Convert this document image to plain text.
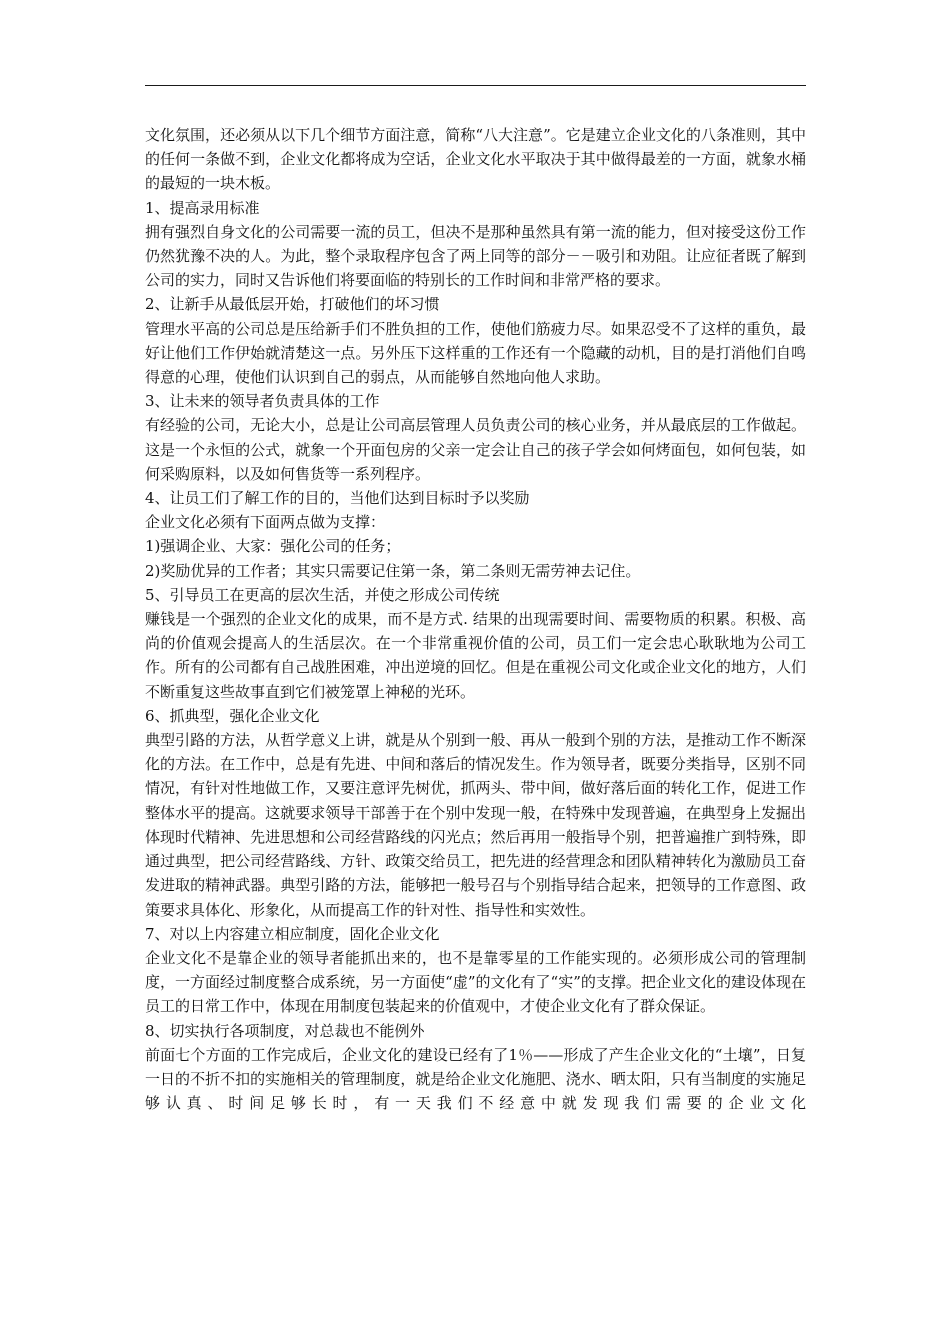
文化氛围，还必须从以下几个细节方面注意，简称“八大注意”。它是建立企业文化的八条准则，其中的任何一条做不到，企业文化都将成为空话，企业文化水平取决于其中做得最差的一方面，就象水桶的最短的一块木板。

1、提高录用标准

拥有强烈自身文化的公司需要一流的员工，但决不是那种虽然具有第一流的能力，但对接受这份工作仍然犹豫不决的人。为此，整个录取程序包含了两上同等的部分－－吸引和劝阻。让应征者既了解到公司的实力，同时又告诉他们将要面临的特别长的工作时间和非常严格的要求。

2、让新手从最低层开始，打破他们的坏习惯

管理水平高的公司总是压给新手们不胜负担的工作，使他们筋疲力尽。如果忍受不了这样的重负，最好让他们工作伊始就清楚这一点。另外压下这样重的工作还有一个隐藏的动机，目的是打消他们自鸣得意的心理，使他们认识到自己的弱点，从而能够自然地向他人求助。

3、让未来的领导者负责具体的工作

有经验的公司，无论大小，总是让公司高层管理人员负责公司的核心业务，并从最底层的工作做起。这是一个永恒的公式，就象一个开面包房的父亲一定会让自己的孩子学会如何烤面包，如何包装，如何采购原料，以及如何售货等一系列程序。

4、让员工们了解工作的目的，当他们达到目标时予以奖励

企业文化必须有下面两点做为支撑：

1)强调企业、大家：强化公司的任务；

2)奖励优异的工作者；其实只需要记住第一条，第二条则无需劳神去记住。

5、引导员工在更高的层次生活，并使之形成公司传统

赚钱是一个强烈的企业文化的成果，而不是方式. 结果的出现需要时间、需要物质的积累。积极、高尚的价值观会提高人的生活层次。在一个非常重视价值的公司，员工们一定会忠心耿耿地为公司工作。所有的公司都有自己战胜困难，冲出逆境的回忆。但是在重视公司文化或企业文化的地方，人们不断重复这些故事直到它们被笼罩上神秘的光环。

6、抓典型，强化企业文化

典型引路的方法，从哲学意义上讲，就是从个别到一般、再从一般到个别的方法，是推动工作不断深化的方法。在工作中，总是有先进、中间和落后的情况发生。作为领导者，既要分类指导，区别不同情况，有针对性地做工作，又要注意评先树优，抓两头、带中间，做好落后面的转化工作，促进工作整体水平的提高。这就要求领导干部善于在个别中发现一般，在特殊中发现普遍，在典型身上发掘出体现时代精神、先进思想和公司经营路线的闪光点；然后再用一般指导个别，把普遍推广到特殊，即通过典型，把公司经营路线、方针、政策交给员工，把先进的经营理念和团队精神转化为激励员工奋发进取的精神武器。典型引路的方法，能够把一般号召与个别指导结合起来，把领导的工作意图、政策要求具体化、形象化，从而提高工作的针对性、指导性和实效性。

7、对以上内容建立相应制度，固化企业文化

企业文化不是靠企业的领导者能抓出来的，也不是靠零星的工作能实现的。必须形成公司的管理制度，一方面经过制度整合成系统，另一方面使“虚”的文化有了“实”的支撑。把企业文化的建设体现在员工的日常工作中，体现在用制度包装起来的价值观中，才使企业文化有了群众保证。

8、切实执行各项制度，对总裁也不能例外

前面七个方面的工作完成后，企业文化的建设已经有了1％——形成了产生企业文化的“土壤”，日复一日的不折不扣的实施相关的管理制度，就是给企业文化施肥、浇水、晒太阳，只有当制度的实施足够认真、时间足够长时，有一天我们不经意中就发现我们需要的企业文化
